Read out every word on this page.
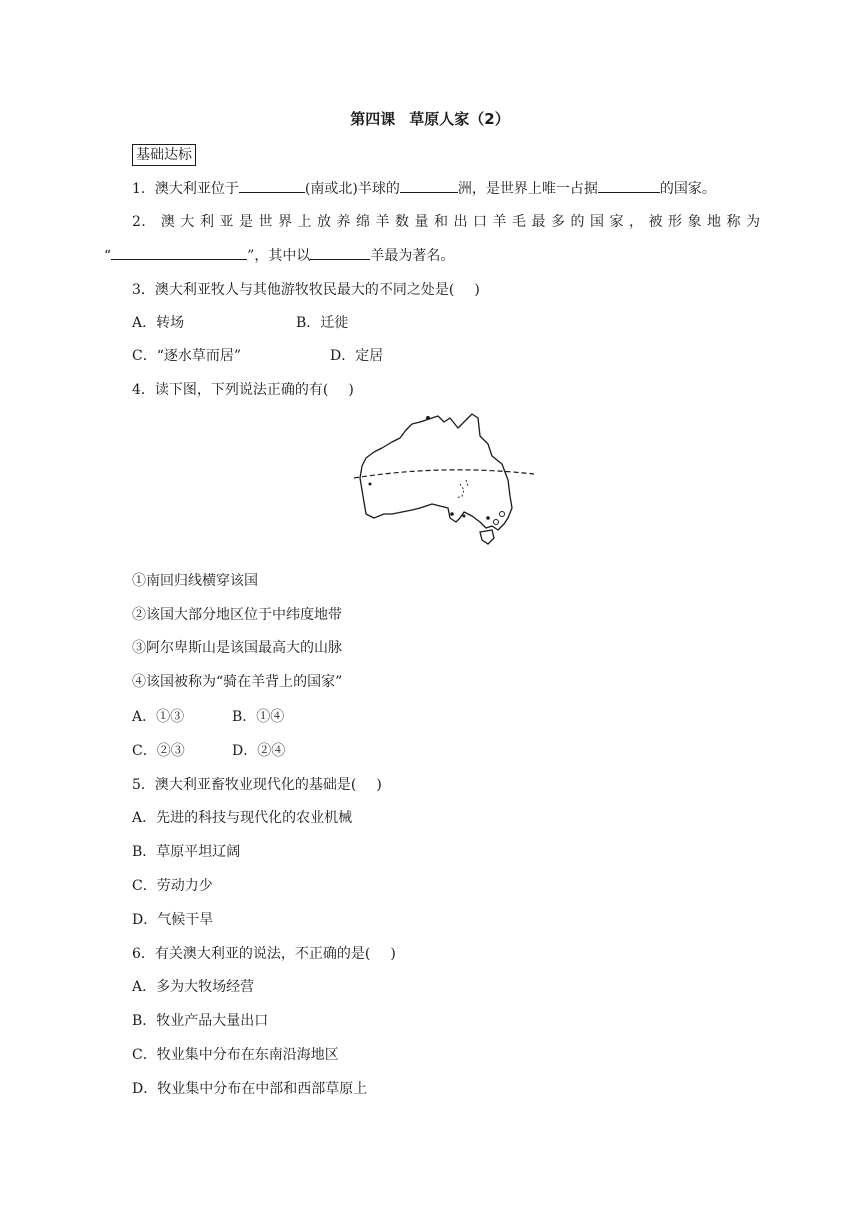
第四课 草原人家（2）
基础达标
1．澳大利亚位于	(南或北)半球的	洲，是世界上唯一占据	的国家。
2． 澳 大 利 亚 是 世 界 上 放 养 绵 羊 数 量 和 出 口 羊 毛 最 多 的 国 家 ， 被 形 象 地 称 为
“	”，其中以	羊最为著名。
3．澳大利亚牧人与其他游牧牧民最大的不同之处是( )
A．转场	B．迁徙
C．“逐水草而居”	D．定居
4．读下图，下列说法正确的有( )
①南回归线横穿该国
②该国大部分地区位于中纬度地带
③阿尔卑斯山是该国最高大的山脉
④该国被称为“骑在羊背上的国家”
A．①③	B．①④
C．②③	D．②④
5．澳大利亚畜牧业现代化的基础是( )
A．先进的科技与现代化的农业机械
B．草原平坦辽阔
C．劳动力少
D．气候干旱
6．有关澳大利亚的说法，不正确的是( )
A．多为大牧场经营
B．牧业产品大量出口
C．牧业集中分布在东南沿海地区
D．牧业集中分布在中部和西部草原上
